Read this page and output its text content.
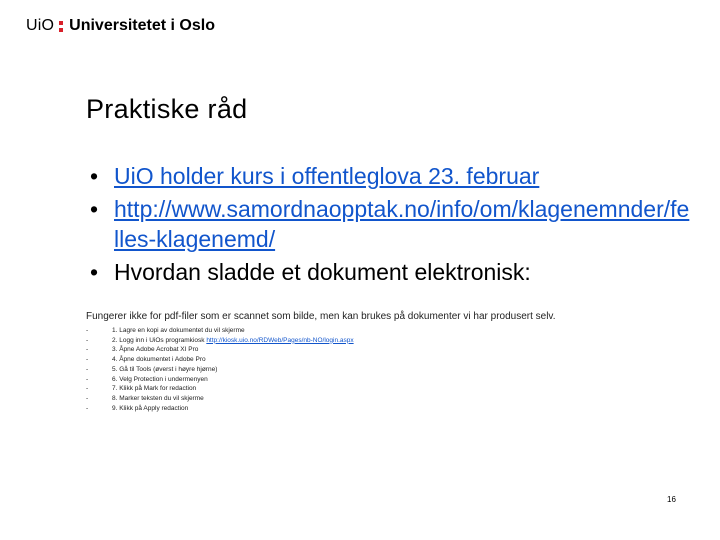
UiO Universitetet i Oslo
Praktiske råd
• UiO holder kurs i offentleglova 23. februar
• http://www.samordnaopptak.no/info/om/klagenemnder/felles-klagenemd/
• Hvordan sladde et dokument elektronisk:

Fungerer ikke for pdf-filer som er scannet som bilde, men kan brukes på dokumenter vi har produsert selv.

-	1. Lagre en kopi av dokumentet du vil skjerme
-	2. Logg inn i UiOs programkiosk http://kiosk.uio.no/RDWeb/Pages/nb-NO/login.aspx
-	3. Åpne Adobe Acrobat XI Pro
-	4. Åpne dokumentet i Adobe Pro
-	5. Gå til Tools (øverst i høyre hjørne)
-	6. Velg Protection i undermenyen
-	7. Klikk på Mark for redaction
-	8. Marker teksten du vil skjerme
-	9. Klikk på Apply redaction
16
